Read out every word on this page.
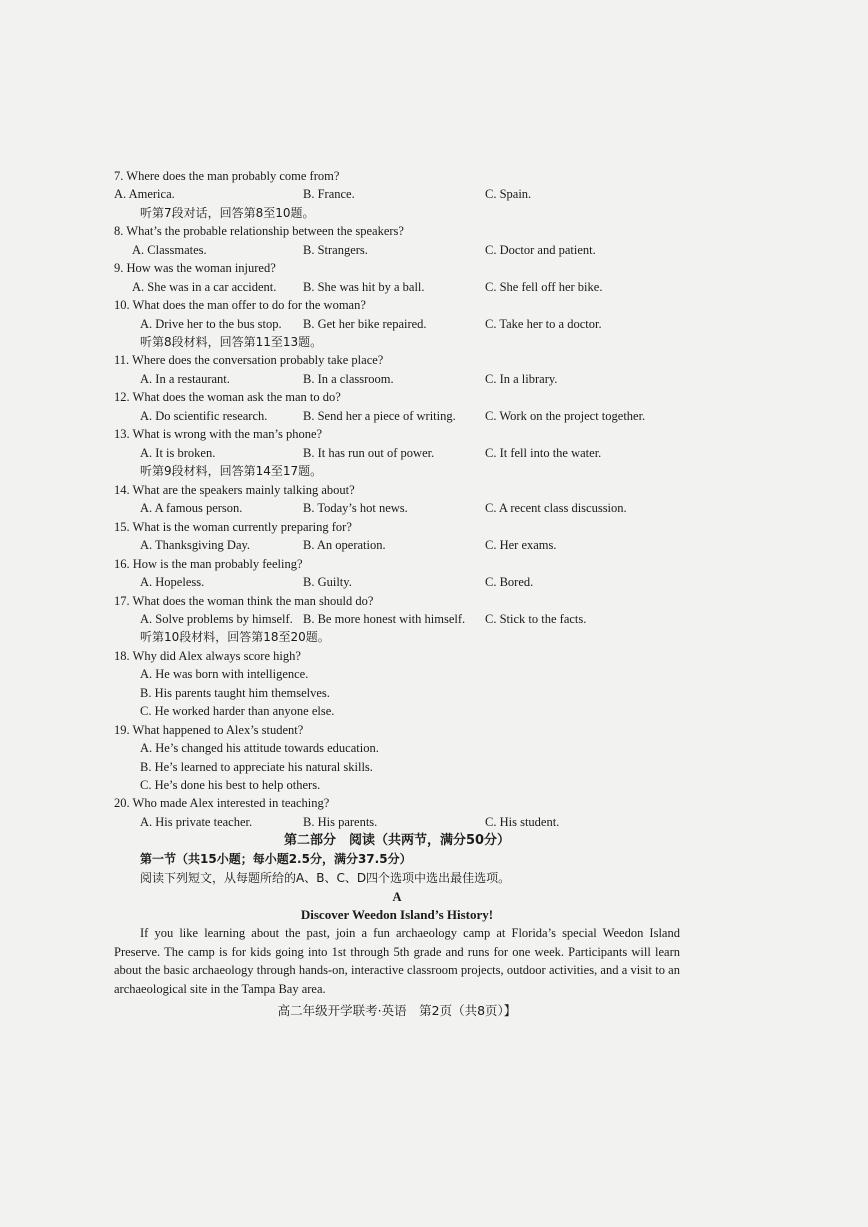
7. Where does the man probably come from?
A. America.	B. France.	C. Spain.
听第7段对话，回答第8至10题。
8. What’s the probable relationship between the speakers?
A. Classmates.	B. Strangers.	C. Doctor and patient.
9. How was the woman injured?
A. She was in a car accident. B. She was hit by a ball.	C. She fell off her bike.
10. What does the man offer to do for the woman?
A. Drive her to the bus stop. B. Get her bike repaired.	C. Take her to a doctor.
听第8段材料，回答第11至13题。
11. Where does the conversation probably take place?
A. In a restaurant.	B. In a classroom.	C. In a library.
12. What does the woman ask the man to do?
A. Do scientific research.	B. Send her a piece of writing. C. Work on the project together.
13. What is wrong with the man’s phone?
A. It is broken.	B. It has run out of power.	C. It fell into the water.
听第9段材料，回答第14至17题。
14. What are the speakers mainly talking about?
A. A famous person.	B. Today’s hot news.	C. A recent class discussion.
15. What is the woman currently preparing for?
A. Thanksgiving Day.	B. An operation.	C. Her exams.
16. How is the man probably feeling?
A. Hopeless.	B. Guilty.	C. Bored.
17. What does the woman think the man should do?
A. Solve problems by himself. B. Be more honest with himself. C. Stick to the facts.
听第10段材料，回答第18至20题。
18. Why did Alex always score high?
A. He was born with intelligence.
B. His parents taught him themselves.
C. He worked harder than anyone else.
19. What happened to Alex’s student?
A. He’s changed his attitude towards education.
B. He’s learned to appreciate his natural skills.
C. He’s done his best to help others.
20. Who made Alex interested in teaching?
A. His private teacher.	B. His parents.	C. His student.
第二部分　阅读（共两节，满分50分）
第一节（共15小题；每小题2.5分，满分37.5分）
阅读下列短文，从每题所给的A、B、C、D四个选项中选出最佳选项。
A
Discover Weedon Island’s History!
If you like learning about the past, join a fun archaeology camp at Florida’s special Weedon Island Preserve. The camp is for kids going into 1st through 5th grade and runs for one week. Participants will learn about the basic archaeology through hands-on, interactive classroom projects, outdoor activities, and a visit to an archaeological site in the Tampa Bay area.
高二年级开学联考·英语　第2页（共8页）】
